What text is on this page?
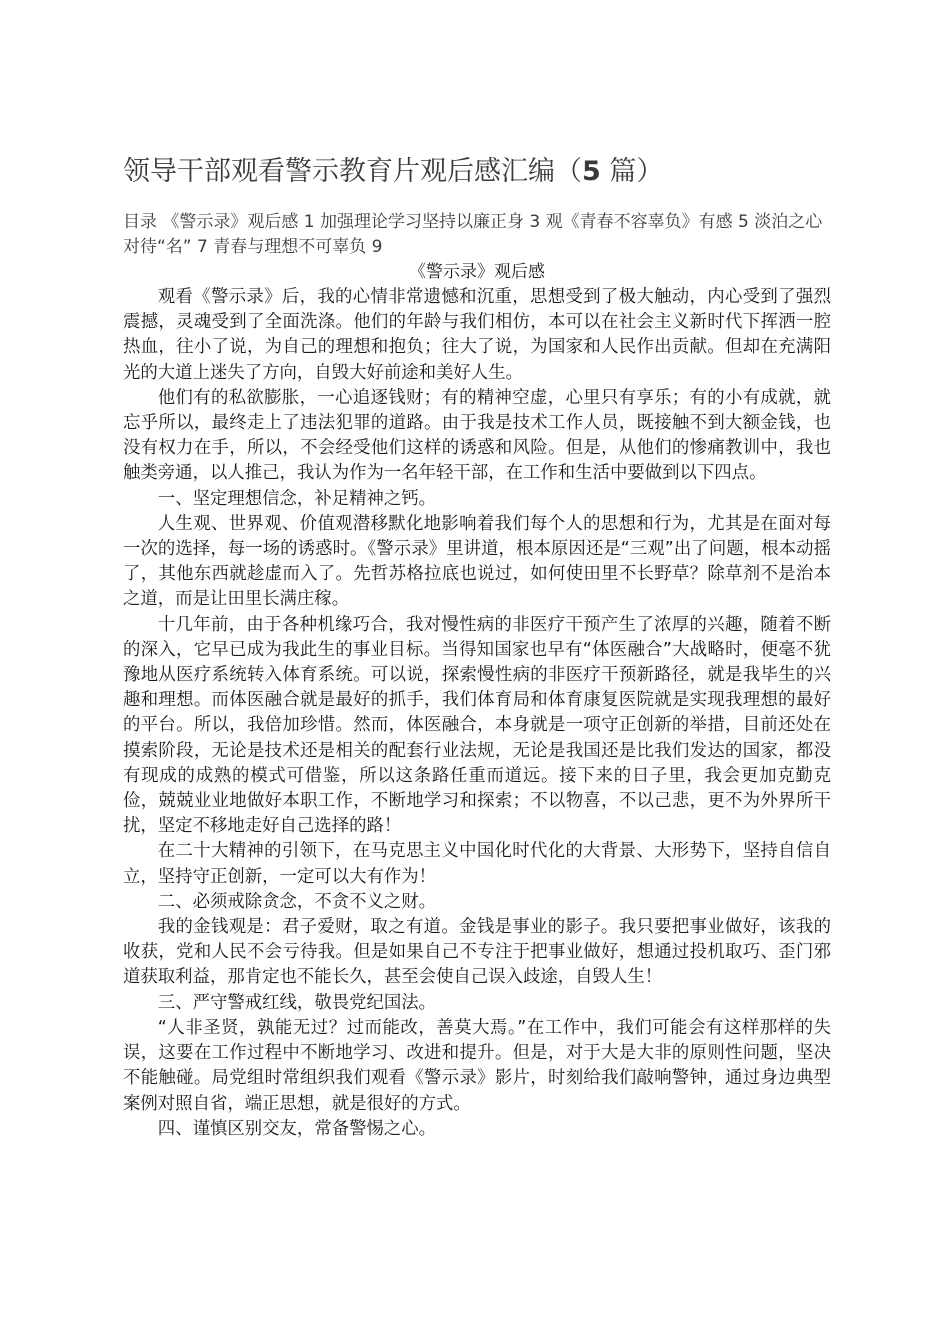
领导干部观看警示教育片观后感汇编（5 篇）

目录 《警示录》观后感 1 加强理论学习坚持以廉正身 3 观《青春不容辜负》有感 5 淡泊之心对待“名” 7 青春与理想不可辜负 9

《警示录》观后感

观看《警示录》后，我的心情非常遗憾和沉重，思想受到了极大触动，内心受到了强烈震撼，灵魂受到了全面洗涤。他们的年龄与我们相仿，本可以在社会主义新时代下挥洒一腔热血，往小了说，为自己的理想和抱负；往大了说，为国家和人民作出贡献。但却在充满阳光的大道上迷失了方向，自毁大好前途和美好人生。

他们有的私欲膨胀，一心追逐钱财；有的精神空虚，心里只有享乐；有的小有成就，就忘乎所以，最终走上了违法犯罪的道路。由于我是技术工作人员，既接触不到大额金钱，也没有权力在手，所以，不会经受他们这样的诱惑和风险。但是，从他们的惨痛教训中，我也触类旁通，以人推己，我认为作为一名年轻干部，在工作和生活中要做到以下四点。

一、坚定理想信念，补足精神之钙。

人生观、世界观、价值观潜移默化地影响着我们每个人的思想和行为，尤其是在面对每一次的选择，每一场的诱惑时。《警示录》里讲道，根本原因还是“三观”出了问题，根本动摇了，其他东西就趁虚而入了。先哲苏格拉底也说过，如何使田里不长野草？除草剂不是治本之道，而是让田里长满庄稼。

十几年前，由于各种机缘巧合，我对慢性病的非医疗干预产生了浓厚的兴趣，随着不断的深入，它早已成为我此生的事业目标。当得知国家也早有“体医融合”大战略时，便毫不犹豫地从医疗系统转入体育系统。可以说，探索慢性病的非医疗干预新路径，就是我毕生的兴趣和理想。而体医融合就是最好的抓手，我们体育局和体育康复医院就是实现我理想的最好的平台。所以，我倍加珍惜。然而，体医融合，本身就是一项守正创新的举措，目前还处在摸索阶段，无论是技术还是相关的配套行业法规，无论是我国还是比我们发达的国家，都没有现成的成熟的模式可借鉴，所以这条路任重而道远。接下来的日子里，我会更加克勤克俭，兢兢业业地做好本职工作，不断地学习和探索；不以物喜，不以己悲，更不为外界所干扰，坚定不移地走好自己选择的路！

在二十大精神的引领下，在马克思主义中国化时代化的大背景、大形势下，坚持自信自立，坚持守正创新，一定可以大有作为！

二、必须戒除贪念，不贪不义之财。

我的金钱观是：君子爱财，取之有道。金钱是事业的影子。我只要把事业做好，该我的收获，党和人民不会亏待我。但是如果自己不专注于把事业做好，想通过投机取巧、歪门邪道获取利益，那肯定也不能长久，甚至会使自己误入歧途，自毁人生！

三、严守警戒红线，敬畏党纪国法。

“人非圣贤，孰能无过？过而能改，善莫大焉。”在工作中，我们可能会有这样那样的失误，这要在工作过程中不断地学习、改进和提升。但是，对于大是大非的原则性问题，坚决不能触碰。局党组时常组织我们观看《警示录》影片，时刻给我们敲响警钟，通过身边典型案例对照自省，端正思想，就是很好的方式。

四、谨慎区别交友，常备警惕之心。
